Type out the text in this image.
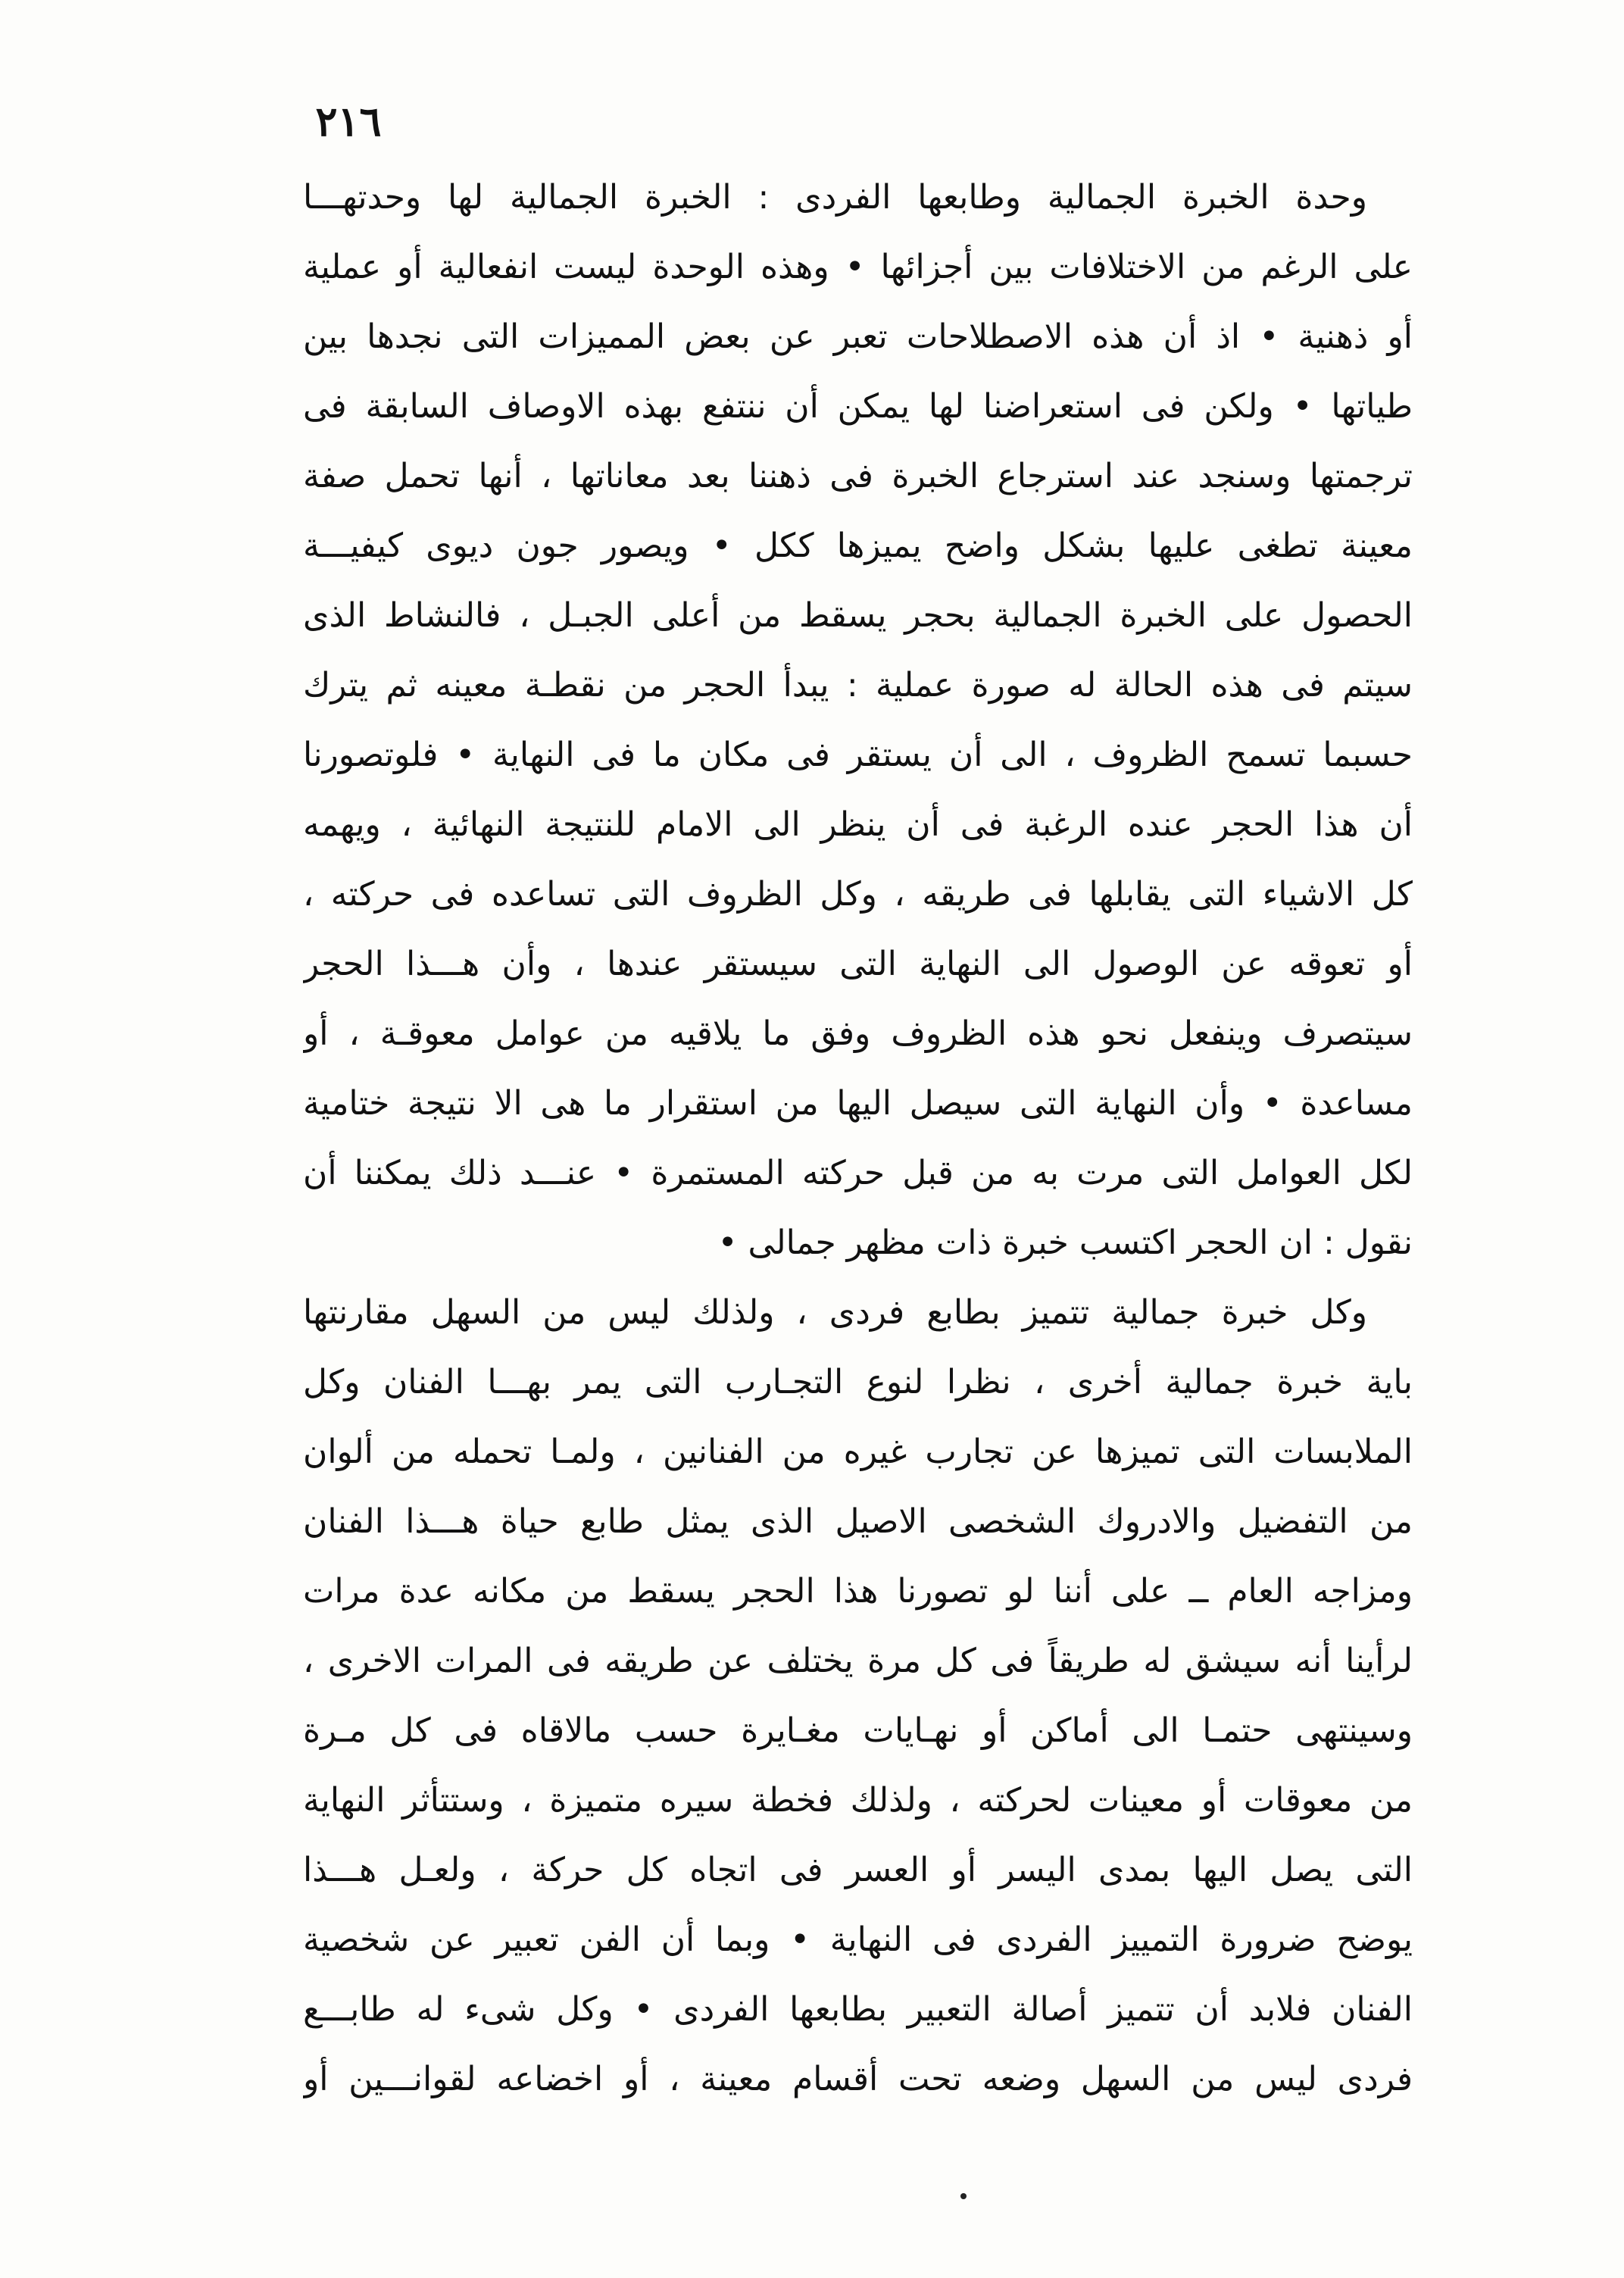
٢١٦
وحدة الخبرة الجمالية وطابعها الفردى : الخبرة الجمالية لها وحدتهـــا
على الرغم من الاختلافات بين أجزائها • وهذه الوحدة ليست انفعالية أو عملية
أو ذهنية • اذ أن هذه الاصطلاحات تعبر عن بعض المميزات التى نجدها بين
طياتها • ولكن فى استعراضنا لها يمكن أن ننتفع بهذه الاوصاف السابقة فى
ترجمتها وسنجد عند استرجاع الخبرة فى ذهننا بعد معاناتها ، أنها تحمل صفة
معينة تطغى عليها بشكل واضح يميزها ككل • ويصور جون ديوى كيفيـــة
الحصول على الخبرة الجمالية بحجر يسقط من أعلى الجبـل ، فالنشاط الذى
سيتم فى هذه الحالة له صورة عملية : يبدأ الحجر من نقطـة معينه ثم يترك
حسبما تسمح الظروف ، الى أن يستقر فى مكان ما فى النهاية • فلوتصورنا
أن هذا الحجر عنده الرغبة فى أن ينظر الى الامام للنتيجة النهائية ، ويهمه
كل الاشياء التى يقابلها فى طريقه ، وكل الظروف التى تساعده فى حركته ،
أو تعوقه عن الوصول الى النهاية التى سيستقر عندها ، وأن هـــذا الحجر
سيتصرف وينفعل نحو هذه الظروف وفق ما يلاقيه من عوامل معوقـة ، أو
مساعدة • وأن النهاية التى سيصل اليها من استقرار ما هى الا نتيجة ختامية
لكل العوامل التى مرت به من قبل حركته المستمرة • عنـــد ذلك يمكننا أن
نقول : ان الحجر اكتسب خبرة ذات مظهر جمالى •
وكل خبرة جمالية تتميز بطابع فردى ، ولذلك ليس من السهل مقارنتها
باية خبرة جمالية أخرى ، نظرا لنوع التجـارب التى يمر بهـــا الفنان وكل
الملابسات التى تميزها عن تجارب غيره من الفنانين ، ولمـا تحمله من ألوان
من التفضيل والادروك الشخصى الاصيل الذى يمثل طابع حياة هـــذا الفنان
ومزاجه العام ــ على أننا لو تصورنا هذا الحجر يسقط من مكانه عدة مرات
لرأينا أنه سيشق له طريقاً فى كل مرة يختلف عن طريقه فى المرات الاخرى ،
وسينتهى حتمـا الى أماكن أو نهـايات مغـايرة حسب مالاقاه فى كل مـرة
من معوقات أو معينات لحركته ، ولذلك فخطة سيره متميزة ، وستتأثر النهاية
التى يصل اليها بمدى اليسر أو العسر فى اتجاه كل حركة ، ولعـل هـــذا
يوضح ضرورة التمييز الفردى فى النهاية • وبما أن الفن تعبير عن شخصية
الفنان فلابد أن تتميز أصالة التعبير بطابعها الفردى • وكل شىء له طابـــع
فردى ليس من السهل وضعه تحت أقسام معينة ، أو اخضاعه لقوانـــين أو
